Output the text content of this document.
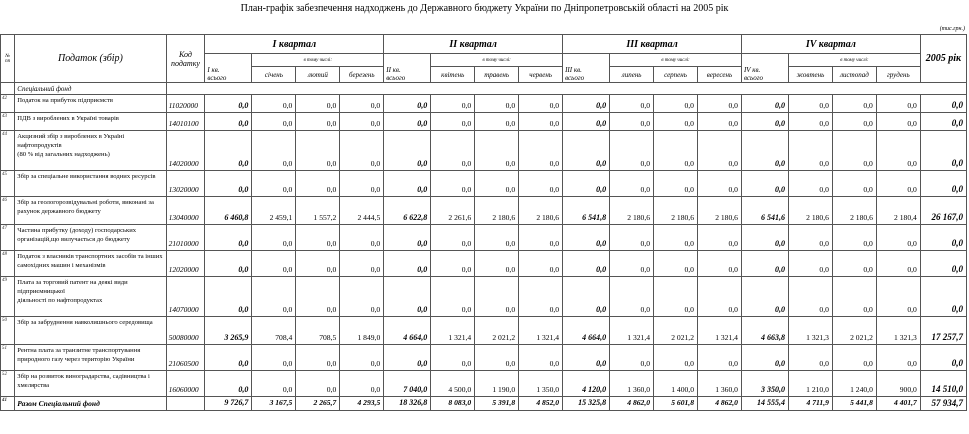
План-графік забезпечення надходжень до Державного бюджету України по Дніпропетровській області на 2005 рік
(тис.грн.)
№
пп	Податок (збір)	Код податку	I квартал				II квартал				III квартал				IV квартал				2005 рік
			I кв.
всього	в тому числі:			II кв.
всього	в тому числі:			III кв.
всього	в тому числі:			IV кв.
всього	в тому числі:			
				січень	лютий	березень		квітень	травень	червень		липень	серпень	вересень		жовтень	листопад	грудень	
	Спеціальний фонд																		
42	Податок на прибуток підприємств	11020000	0,0	0,0	0,0	0,0	0,0	0,0	0,0	0,0	0,0	0,0	0,0	0,0	0,0	0,0	0,0	0,0	0,0
43	ПДВ з вироблених в Україні товарів	14010100	0,0	0,0	0,0	0,0	0,0	0,0	0,0	0,0	0,0	0,0	0,0	0,0	0,0	0,0	0,0	0,0	0,0
44	Акцизний збір з вироблених в Україні нафтопродуктів
(80 % від загальних надходжень)	14020000	0,0	0,0	0,0	0,0	0,0	0,0	0,0	0,0	0,0	0,0	0,0	0,0	0,0	0,0	0,0	0,0	0,0
45	Збір за спеціальне використання водних ресурсів	13020000	0,0	0,0	0,0	0,0	0,0	0,0	0,0	0,0	0,0	0,0	0,0	0,0	0,0	0,0	0,0	0,0	0,0
46	Збір за геологорозвідувальні роботи, виконані за рахунок державного бюджету	13040000	6 460,8	2 459,1	1 557,2	2 444,5	6 622,8	2 261,6	2 180,6	2 180,6	6 541,8	2 180,6	2 180,6	2 180,6	6 541,6	2 180,6	2 180,6	2 180,4	26 167,0
47	Частина прибутку (доходу) господарських організацій,що вилучається до бюджету	21010000	0,0	0,0	0,0	0,0	0,0	0,0	0,0	0,0	0,0	0,0	0,0	0,0	0,0	0,0	0,0	0,0	0,0
48	Податок з власників транспортних засобів та інших самохідних машин і механізмів	12020000	0,0	0,0	0,0	0,0	0,0	0,0	0,0	0,0	0,0	0,0	0,0	0,0	0,0	0,0	0,0	0,0	0,0
49	Плата за торговий патент на деякі види підприємницької
діяльності по нафтопродуктах	14070000	0,0	0,0	0,0	0,0	0,0	0,0	0,0	0,0	0,0	0,0	0,0	0,0	0,0	0,0	0,0	0,0	0,0
50	Збір за забруднення навколишнього середовища	50080000	3 265,9	708,4	708,5	1 849,0	4 664,0	1 321,4	2 021,2	1 321,4	4 664,0	1 321,4	2 021,2	1 321,4	4 663,8	1 321,3	2 021,2	1 321,3	17 257,7
51	Рентна плата за транзитне транспортування природного газу через територію України	21060500	0,0	0,0	0,0	0,0	0,0	0,0	0,0	0,0	0,0	0,0	0,0	0,0	0,0	0,0	0,0	0,0	0,0
52	Збір на розвиток виноградарства, садівництва і хмелярства	16060000	0,0	0,0	0,0	0,0	7 040,0	4 500,0	1 190,0	1 350,0	4 120,0	1 360,0	1 400,0	1 360,0	3 350,0	1 210,0	1 240,0	900,0	14 510,0
41	Разом Спеціальний фонд		9 726,7	3 167,5	2 265,7	4 293,5	18 326,8	8 083,0	5 391,8	4 852,0	15 325,8	4 862,0	5 601,8	4 862,0	14 555,4	4 711,9	5 441,8	4 401,7	57 934,7
